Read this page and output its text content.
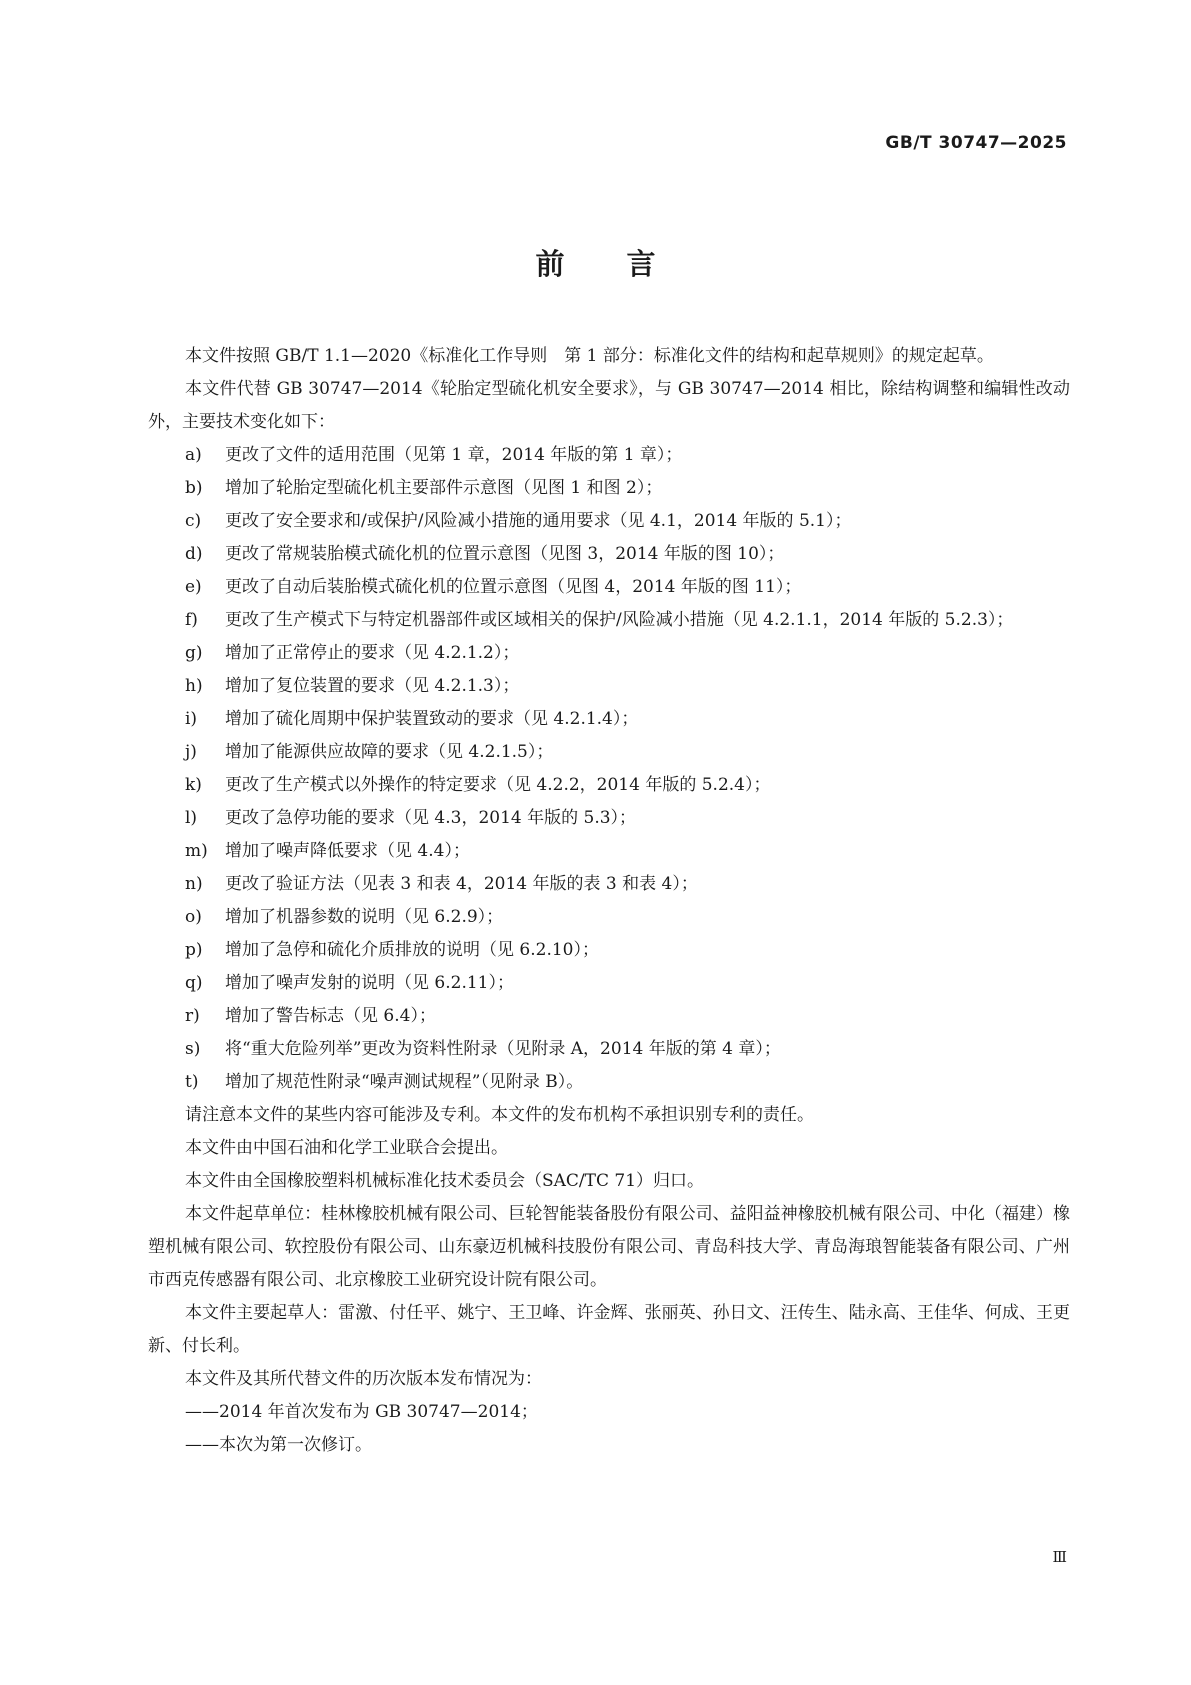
GB/T 30747—2025
前言

本文件按照 GB/T 1.1—2020《标准化工作导则　第 1 部分：标准化文件的结构和起草规则》的规定起草。

本文件代替 GB 30747—2014《轮胎定型硫化机安全要求》，与 GB 30747—2014 相比，除结构调整和编辑性改动外，主要技术变化如下：

a)	更改了文件的适用范围（见第 1 章，2014 年版的第 1 章）；
b)	增加了轮胎定型硫化机主要部件示意图（见图 1 和图 2）；
c)	更改了安全要求和/或保护/风险减小措施的通用要求（见 4.1，2014 年版的 5.1）；
d)	更改了常规装胎模式硫化机的位置示意图（见图 3，2014 年版的图 10）；
e)	更改了自动后装胎模式硫化机的位置示意图（见图 4，2014 年版的图 11）；
f)	更改了生产模式下与特定机器部件或区域相关的保护/风险减小措施（见 4.2.1.1，2014 年版的 5.2.3）；
g)	增加了正常停止的要求（见 4.2.1.2）；
h)	增加了复位装置的要求（见 4.2.1.3）；
i)	增加了硫化周期中保护装置致动的要求（见 4.2.1.4）；
j)	增加了能源供应故障的要求（见 4.2.1.5）；
k)	更改了生产模式以外操作的特定要求（见 4.2.2，2014 年版的 5.2.4）；
l)	更改了急停功能的要求（见 4.3，2014 年版的 5.3）；
m)	增加了噪声降低要求（见 4.4）；
n)	更改了验证方法（见表 3 和表 4，2014 年版的表 3 和表 4）；
o)	增加了机器参数的说明（见 6.2.9）；
p)	增加了急停和硫化介质排放的说明（见 6.2.10）；
q)	增加了噪声发射的说明（见 6.2.11）；
r)	增加了警告标志（见 6.4）；
s)	将“重大危险列举”更改为资料性附录（见附录 A，2014 年版的第 4 章）；
t)	增加了规范性附录“噪声测试规程”（见附录 B）。

请注意本文件的某些内容可能涉及专利。本文件的发布机构不承担识别专利的责任。

本文件由中国石油和化学工业联合会提出。

本文件由全国橡胶塑料机械标准化技术委员会（SAC/TC 71）归口。

本文件起草单位：桂林橡胶机械有限公司、巨轮智能装备股份有限公司、益阳益神橡胶机械有限公司、中化（福建）橡塑机械有限公司、软控股份有限公司、山东豪迈机械科技股份有限公司、青岛科技大学、青岛海琅智能装备有限公司、广州市西克传感器有限公司、北京橡胶工业研究设计院有限公司。

本文件主要起草人：雷激、付任平、姚宁、王卫峰、许金辉、张丽英、孙日文、汪传生、陆永高、王佳华、何成、王更新、付长利。

本文件及其所代替文件的历次版本发布情况为：

——2014 年首次发布为 GB 30747—2014；

——本次为第一次修订。

Ⅲ
